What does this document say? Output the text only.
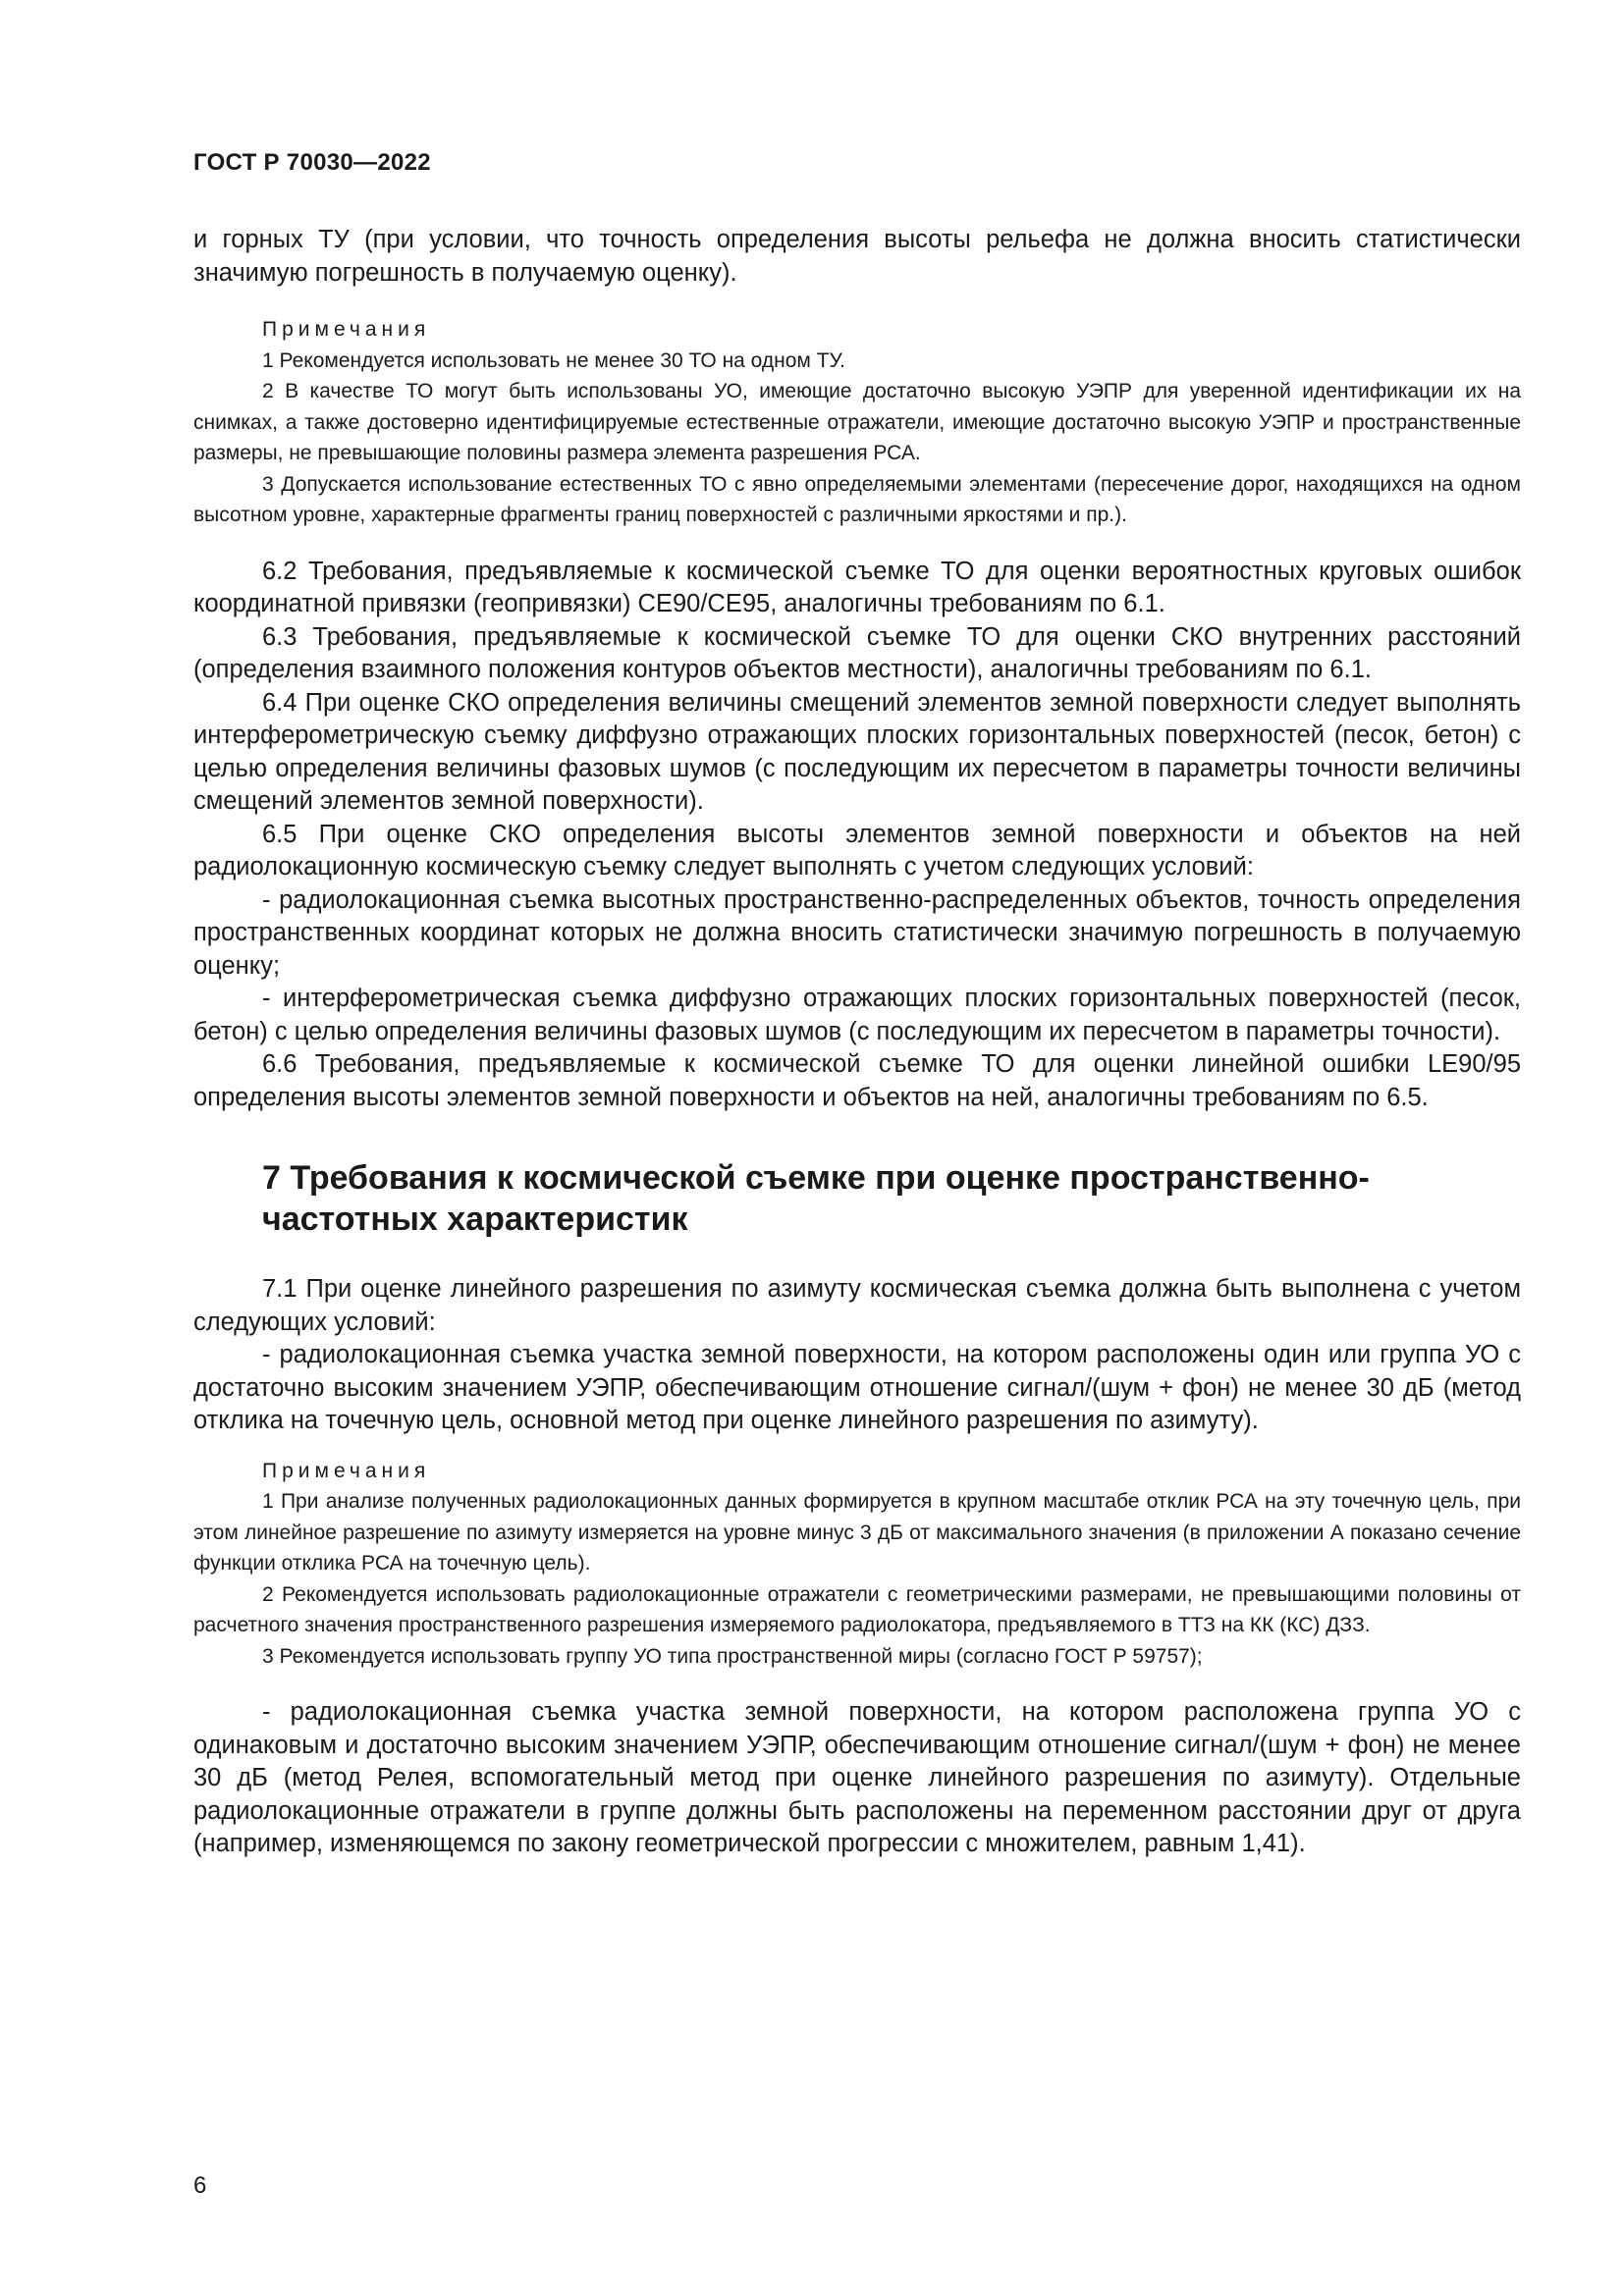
ГОСТ Р 70030—2022

и горных ТУ (при условии, что точность определения высоты рельефа не должна вносить статистически значимую погрешность в получаемую оценку).

Примечания

1 Рекомендуется использовать не менее 30 ТО на одном ТУ.

2 В качестве ТО могут быть использованы УО, имеющие достаточно высокую УЭПР для уверенной идентификации их на снимках, а также достоверно идентифицируемые естественные отражатели, имеющие достаточно высокую УЭПР и пространственные размеры, не превышающие половины размера элемента разрешения РСА.

3 Допускается использование естественных ТО с явно определяемыми элементами (пересечение дорог, находящихся на одном высотном уровне, характерные фрагменты границ поверхностей с различными яркостями и пр.).

6.2 Требования, предъявляемые к космической съемке ТО для оценки вероятностных круговых ошибок координатной привязки (геопривязки) CE90/CE95, аналогичны требованиям по 6.1.

6.3 Требования, предъявляемые к космической съемке ТО для оценки СКО внутренних расстояний (определения взаимного положения контуров объектов местности), аналогичны требованиям по 6.1.

6.4 При оценке СКО определения величины смещений элементов земной поверхности следует выполнять интерферометрическую съемку диффузно отражающих плоских горизонтальных поверхностей (песок, бетон) с целью определения величины фазовых шумов (с последующим их пересчетом в параметры точности величины смещений элементов земной поверхности).

6.5 При оценке СКО определения высоты элементов земной поверхности и объектов на ней радиолокационную космическую съемку следует выполнять с учетом следующих условий:

- радиолокационная съемка высотных пространственно-распределенных объектов, точность определения пространственных координат которых не должна вносить статистически значимую погрешность в получаемую оценку;

- интерферометрическая съемка диффузно отражающих плоских горизонтальных поверхностей (песок, бетон) с целью определения величины фазовых шумов (с последующим их пересчетом в параметры точности).

6.6 Требования, предъявляемые к космической съемке ТО для оценки линейной ошибки LE90/95 определения высоты элементов земной поверхности и объектов на ней, аналогичны требованиям по 6.5.

7 Требования к космической съемке при оценке пространственно-частотных характеристик

7.1 При оценке линейного разрешения по азимуту космическая съемка должна быть выполнена с учетом следующих условий:

- радиолокационная съемка участка земной поверхности, на котором расположены один или группа УО с достаточно высоким значением УЭПР, обеспечивающим отношение сигнал/(шум + фон) не менее 30 дБ (метод отклика на точечную цель, основной метод при оценке линейного разрешения по азимуту).

Примечания

1 При анализе полученных радиолокационных данных формируется в крупном масштабе отклик РСА на эту точечную цель, при этом линейное разрешение по азимуту измеряется на уровне минус 3 дБ от максимального значения (в приложении А показано сечение функции отклика РСА на точечную цель).

2 Рекомендуется использовать радиолокационные отражатели с геометрическими размерами, не превышающими половины от расчетного значения пространственного разрешения измеряемого радиолокатора, предъявляемого в ТТЗ на КК (КС) ДЗЗ.

3 Рекомендуется использовать группу УО типа пространственной миры (согласно ГОСТ Р 59757);

- радиолокационная съемка участка земной поверхности, на котором расположена группа УО с одинаковым и достаточно высоким значением УЭПР, обеспечивающим отношение сигнал/(шум + фон) не менее 30 дБ (метод Релея, вспомогательный метод при оценке линейного разрешения по азимуту). Отдельные радиолокационные отражатели в группе должны быть расположены на переменном расстоянии друг от друга (например, изменяющемся по закону геометрической прогрессии с множителем, равным 1,41).

6
